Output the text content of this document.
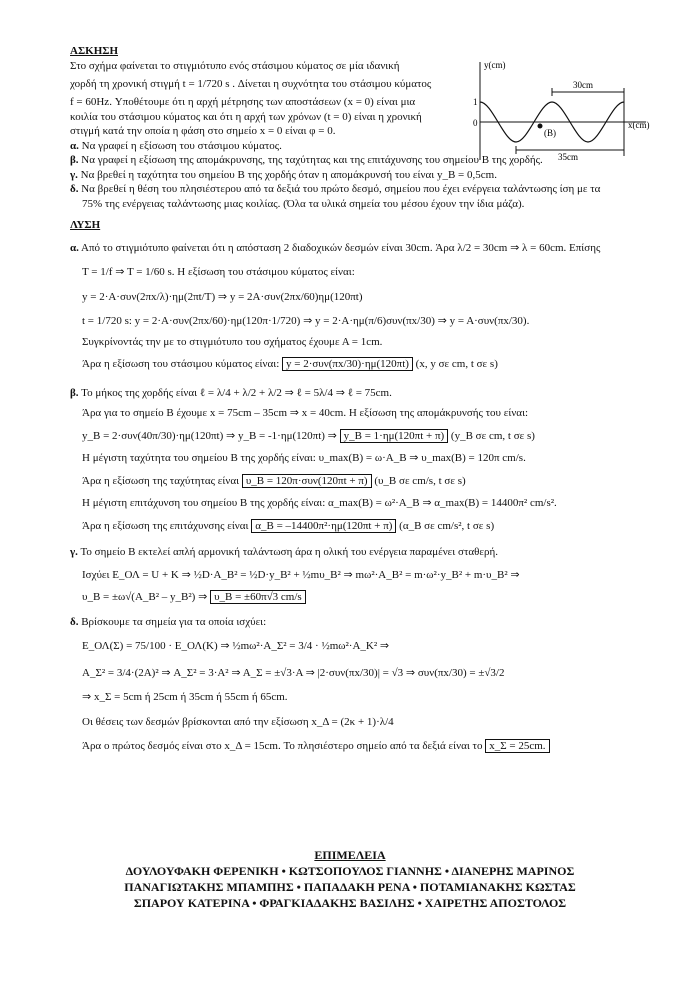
ΑΣΚΗΣΗ
Στο σχήμα φαίνεται το στιγμιότυπο ενός στάσιμου κύματος σε μία ιδανική
χορδή τη χρονική στιγμή t = 1/720 s . Δίνεται η συχνότητα του στάσιμου κύματος
f = 60Hz. Υποθέτουμε ότι η αρχή μέτρησης των αποστάσεων (x = 0) είναι μια
κοιλία του στάσιμου κύματος και ότι η αρχή των χρόνων (t = 0) είναι η χρονική
στιγμή κατά την οποία η φάση στο σημείο x = 0 είναι φ = 0.
α. Να γραφεί η εξίσωση του στάσιμου κύματος.
β. Να γραφεί η εξίσωση της απομάκρυνσης, της ταχύτητας και της επιτάχυνσης του σημείου Β της χορδής.
γ. Να βρεθεί η ταχύτητα του σημείου Β της χορδής όταν η απομάκρυνσή του είναι y_B = 0,5cm.
δ. Να βρεθεί η θέση του πλησιέστερου από τα δεξιά του πρώτο δεσμό, σημείου που έχει ενέργεια ταλάντωσης ίση με τα
75% της ενέργειας ταλάντωσης μιας κοιλίας. (Όλα τα υλικά σημεία του μέσου έχουν την ίδια μάζα).
y(cm)
x(cm)
1
0
(B)
30cm
35cm
ΛΥΣΗ
α. Από το στιγμιότυπο φαίνεται ότι η απόσταση 2 διαδοχικών δεσμών είναι 30cm. Άρα λ/2 = 30cm ⇒ λ = 60cm. Επίσης
T = 1/f ⇒ T = 1/60 s. Η εξίσωση του στάσιμου κύματος είναι:
y = 2·A·συν(2πx/λ)·ημ(2πt/T) ⇒ y = 2A·συν(2πx/60)ημ(120πt)
t = 1/720 s: y = 2·A·συν(2πx/60)·ημ(120π·1/720) ⇒ y = 2·A·ημ(π/6)συν(πx/30) ⇒ y = A·συν(πx/30).
Συγκρίνοντάς την με το στιγμιότυπο του σχήματος έχουμε Α = 1cm.
Άρα η εξίσωση του στάσιμου κύματος είναι: y = 2·συν(πx/30)·ημ(120πt) (x, y σε cm, t σε s)
β. Το μήκος της χορδής είναι ℓ = λ/4 + λ/2 + λ/2 ⇒ ℓ = 5λ/4 ⇒ ℓ = 75cm.
Άρα για το σημείο Β έχουμε x = 75cm – 35cm ⇒ x = 40cm. Η εξίσωση της απομάκρυνσής του είναι:
y_B = 2·συν(40π/30)·ημ(120πt) ⇒ y_B = -1·ημ(120πt) ⇒ y_B = 1·ημ(120πt + π) (y_B σε cm, t σε s)
Η μέγιστη ταχύτητα του σημείου Β της χορδής είναι: υ_max(B) = ω·A_B ⇒ υ_max(B) = 120π cm/s.
Άρα η εξίσωση της ταχύτητας είναι υ_B = 120π·συν(120πt + π) (υ_B σε cm/s, t σε s)
Η μέγιστη επιτάχυνση του σημείου Β της χορδής είναι: α_max(B) = ω²·A_B ⇒ α_max(B) = 14400π² cm/s².
Άρα η εξίσωση της επιτάχυνσης είναι α_B = –14400π²·ημ(120πt + π) (α_B σε cm/s², t σε s)
γ. Το σημείο Β εκτελεί απλή αρμονική ταλάντωση άρα η ολική του ενέργεια παραμένει σταθερή.
Ισχύει E_ΟΛ = U + K ⇒ ½D·A_B² = ½D·y_B² + ½mυ_B² ⇒ mω²·A_B² = m·ω²·y_B² + m·υ_B² ⇒
υ_B = ±ω√(A_B² – y_B²) ⇒ υ_B = ±60π√3 cm/s
δ. Βρίσκουμε τα σημεία για τα οποία ισχύει:
E_ΟΛ(Σ) = 75/100 · E_ΟΛ(Κ) ⇒ ½mω²·A_Σ² = 3/4 · ½mω²·A_K² ⇒
A_Σ² = 3/4·(2A)² ⇒ A_Σ² = 3·A² ⇒ A_Σ = ±√3·A ⇒ |2·συν(πx/30)| = √3 ⇒ συν(πx/30) = ±√3/2
⇒ x_Σ = 5cm ή 25cm ή 35cm ή 55cm ή 65cm.
Οι θέσεις των δεσμών βρίσκονται από την εξίσωση x_Δ = (2κ + 1)·λ/4
Άρα ο πρώτος δεσμός είναι στο x_Δ = 15cm. Το πλησιέστερο σημείο από τα δεξιά είναι το x_Σ = 25cm.
ΕΠΙΜΕΛΕΙΑ
ΔΟΥΛΟΥΦΑΚΗ ΦΕΡΕΝΙΚΗ • ΚΩΤΣΟΠΟΥΛΟΣ ΓΙΑΝΝΗΣ • ΔΙΑΝΕΡΗΣ ΜΑΡΙΝΟΣ
ΠΑΝΑΓΙΩΤΑΚΗΣ ΜΠΑΜΠΗΣ • ΠΑΠΑΔΑΚΗ ΡΕΝΑ • ΠΟΤΑΜΙΑΝΑΚΗΣ ΚΩΣΤΑΣ
ΣΠΑΡΟΥ ΚΑΤΕΡΙΝΑ • ΦΡΑΓΚΙΑΔΑΚΗΣ ΒΑΣΙΛΗΣ • ΧΑΙΡΕΤΗΣ ΑΠΟΣΤΟΛΟΣ
